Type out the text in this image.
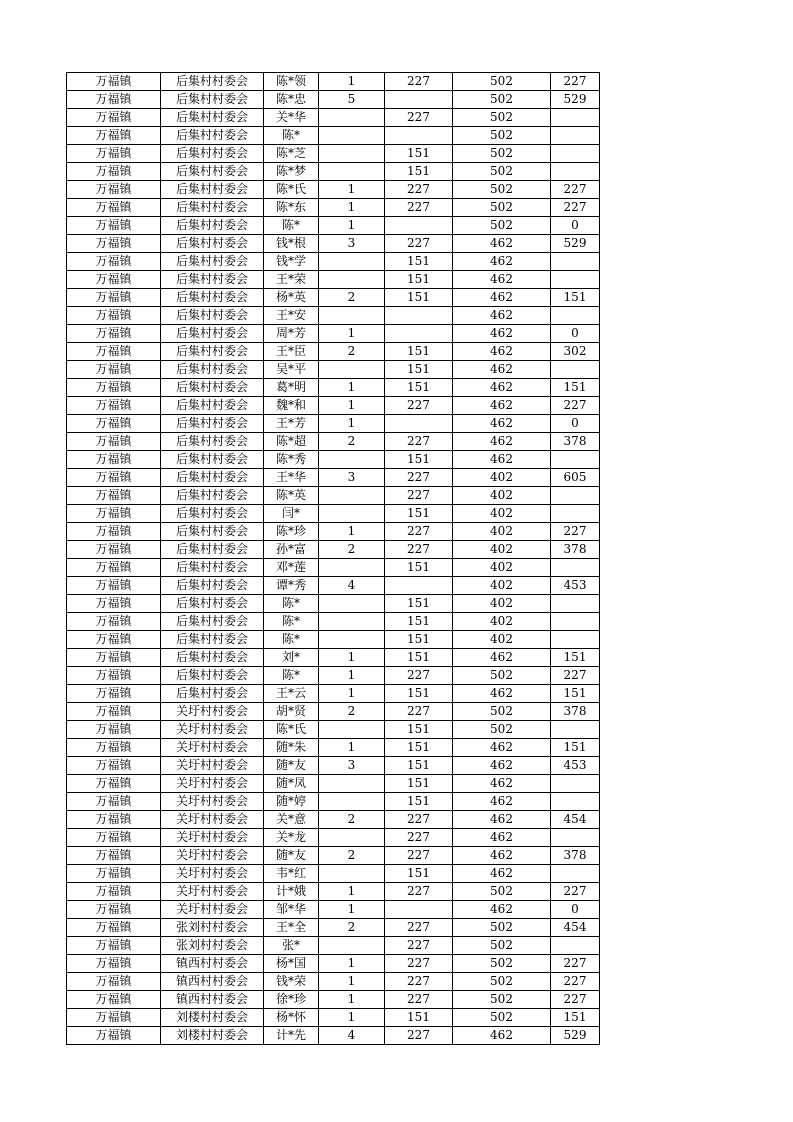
万福镇	后集村村委会	陈*领	1	227	502	227
万福镇	后集村村委会	陈*忠	5		502	529
万福镇	后集村村委会	关*华		227	502	
万福镇	后集村村委会	陈*			502	
万福镇	后集村村委会	陈*芝		151	502	
万福镇	后集村村委会	陈*梦		151	502	
万福镇	后集村村委会	陈*氏	1	227	502	227
万福镇	后集村村委会	陈*东	1	227	502	227
万福镇	后集村村委会	陈*	1		502	0
万福镇	后集村村委会	钱*根	3	227	462	529
万福镇	后集村村委会	钱*学		151	462	
万福镇	后集村村委会	王*荣		151	462	
万福镇	后集村村委会	杨*英	2	151	462	151
万福镇	后集村村委会	王*安			462	
万福镇	后集村村委会	周*芳	1		462	0
万福镇	后集村村委会	王*臣	2	151	462	302
万福镇	后集村村委会	吴*平		151	462	
万福镇	后集村村委会	葛*明	1	151	462	151
万福镇	后集村村委会	魏*和	1	227	462	227
万福镇	后集村村委会	王*芳	1		462	0
万福镇	后集村村委会	陈*超	2	227	462	378
万福镇	后集村村委会	陈*秀		151	462	
万福镇	后集村村委会	王*华	3	227	402	605
万福镇	后集村村委会	陈*英		227	402	
万福镇	后集村村委会	闫*		151	402	
万福镇	后集村村委会	陈*珍	1	227	402	227
万福镇	后集村村委会	孙*富	2	227	402	378
万福镇	后集村村委会	邓*莲		151	402	
万福镇	后集村村委会	谭*秀	4		402	453
万福镇	后集村村委会	陈*		151	402	
万福镇	后集村村委会	陈*		151	402	
万福镇	后集村村委会	陈*		151	402	
万福镇	后集村村委会	刘*	1	151	462	151
万福镇	后集村村委会	陈*	1	227	502	227
万福镇	后集村村委会	王*云	1	151	462	151
万福镇	关圩村村委会	胡*贤	2	227	502	378
万福镇	关圩村村委会	陈*氏		151	502	
万福镇	关圩村村委会	随*朱	1	151	462	151
万福镇	关圩村村委会	随*友	3	151	462	453
万福镇	关圩村村委会	随*凤		151	462	
万福镇	关圩村村委会	随*婷		151	462	
万福镇	关圩村村委会	关*意	2	227	462	454
万福镇	关圩村村委会	关*龙		227	462	
万福镇	关圩村村委会	随*友	2	227	462	378
万福镇	关圩村村委会	韦*红		151	462	
万福镇	关圩村村委会	计*娥	1	227	502	227
万福镇	关圩村村委会	邹*华	1		462	0
万福镇	张刘村村委会	王*全	2	227	502	454
万福镇	张刘村村委会	张*		227	502	
万福镇	镇西村村委会	杨*国	1	227	502	227
万福镇	镇西村村委会	钱*荣	1	227	502	227
万福镇	镇西村村委会	徐*珍	1	227	502	227
万福镇	刘楼村村委会	杨*怀	1	151	502	151
万福镇	刘楼村村委会	计*先	4	227	462	529
